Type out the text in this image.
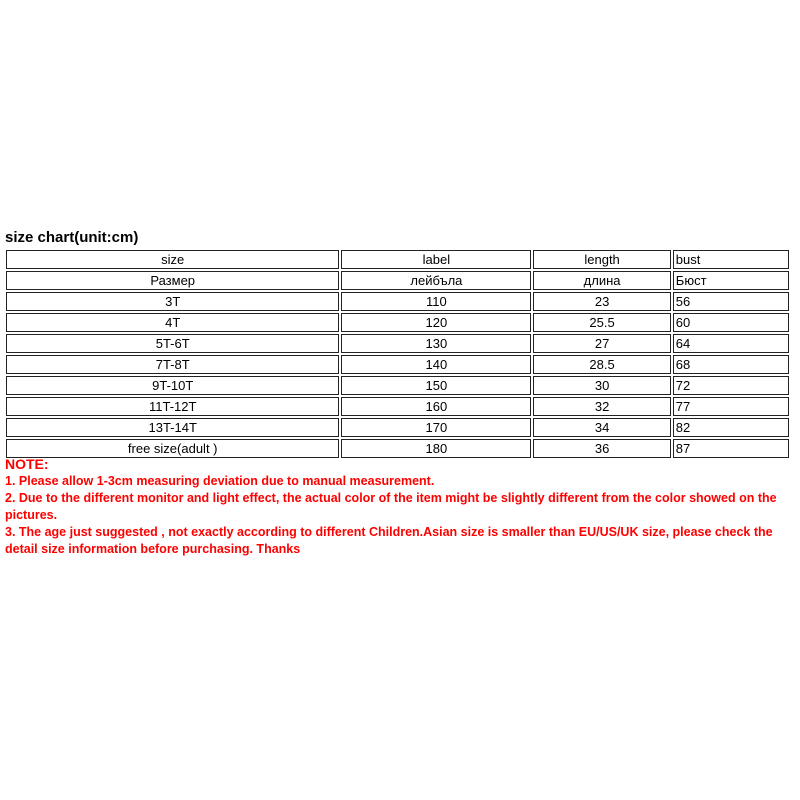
size chart(unit:cm)
size	label	length	bust
Размер	лейбъла	длина	Бюст
3T	110	23	56
4T	120	25.5	60
5T-6T	130	27	64
7T-8T	140	28.5	68
9T-10T	150	30	72
11T-12T	160	32	77
13T-14T	170	34	82
free size(adult )	180	36	87
NOTE:

1. Please allow 1-3cm measuring deviation due to manual measurement.

2. Due to the different monitor and light effect, the actual color of the item might be slightly different from the color showed on the pictures.

3. The age just suggested , not exactly according to different Children.Asian size is smaller than EU/US/UK size, please check the detail size information before purchasing. Thanks
